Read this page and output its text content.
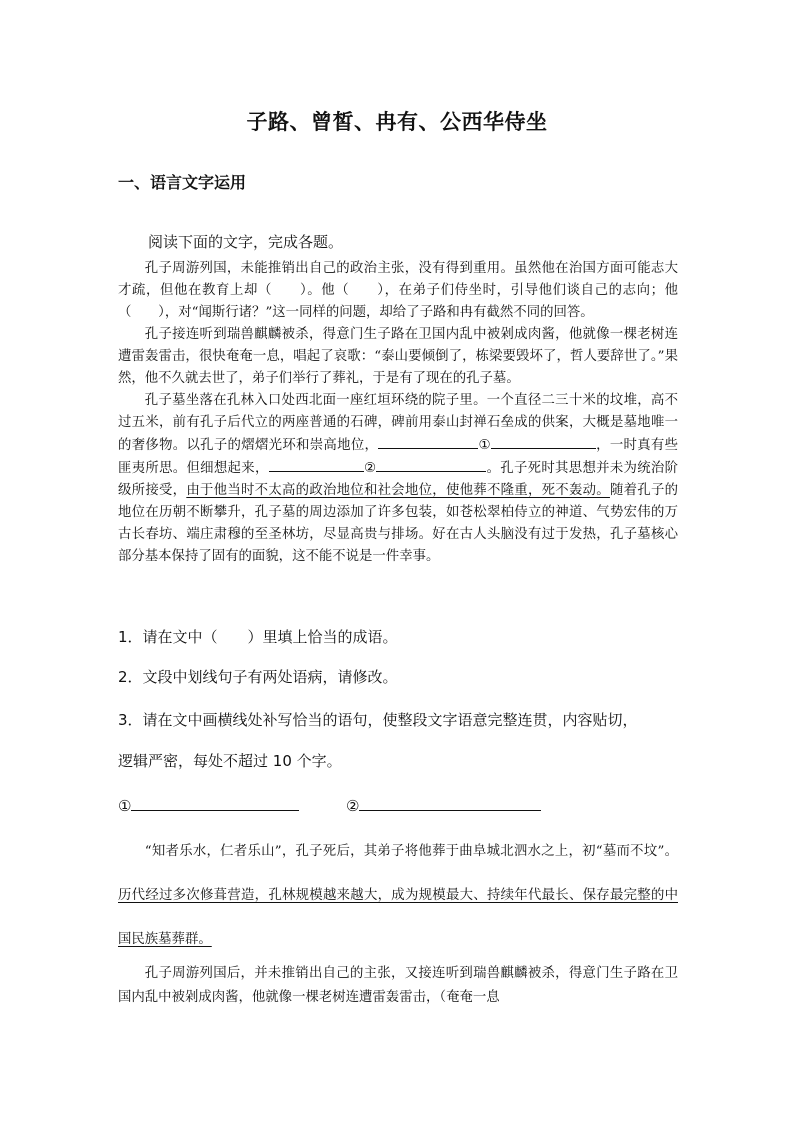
子路、曾皙、冉有、公西华侍坐
一、语言文字运用
阅读下面的文字，完成各题。

孔子周游列国，未能推销出自己的政治主张，没有得到重用。虽然他在治国方面可能志大才疏，但他在教育上却（　　）。他（　　），在弟子们侍坐时，引导他们谈自己的志向；他（　　），对“闻斯行诸？”这一同样的问题，却给了子路和冉有截然不同的回答。

孔子接连听到瑞兽麒麟被杀，得意门生子路在卫国内乱中被剁成肉酱，他就像一棵老树连遭雷轰雷击，很快奄奄一息，唱起了哀歌：“泰山要倾倒了，栋梁要毁坏了，哲人要辞世了。”果然，他不久就去世了，弟子们举行了葬礼，于是有了现在的孔子墓。

孔子墓坐落在孔林入口处西北面一座红垣环绕的院子里。一个直径二三十米的坟堆，高不过五米，前有孔子后代立的两座普通的石碑，碑前用泰山封禅石垒成的供案，大概是墓地唯一的奢侈物。以孔子的熠熠光环和崇高地位，	①	，一时真有些匪夷所思。但细想起来，	②	。孔子死时其思想并未为统治阶级所接受，由于他当时不太高的政治地位和社会地位，使他葬不隆重，死不轰动。随着孔子的地位在历朝不断攀升，孔子墓的周边添加了许多包装，如苍松翠柏侍立的神道、气势宏伟的万古长春坊、端庄肃穆的至圣林坊，尽显高贵与排场。好在古人头脑没有过于发热，孔子墓核心部分基本保持了固有的面貌，这不能不说是一件幸事。

1．请在文中（　　）里填上恰当的成语。
2．文段中划线句子有两处语病，请修改。
3．请在文中画横线处补写恰当的语句，使整段文字语意完整连贯，内容贴切，
逻辑严密，每处不超过 10 个字。
①	②

“知者乐水，仁者乐山”，孔子死后，其弟子将他葬于曲阜城北泗水之上，初“墓而不坟”。历代经过多次修葺营造，孔林规模越来越大，成为规模最大、持续年代最长、保存最完整的中国民族墓葬群。

孔子周游列国后，并未推销出自己的主张，又接连听到瑞兽麒麟被杀，得意门生子路在卫国内乱中被剁成肉酱，他就像一棵老树连遭雷轰雷击，（奄奄一息
